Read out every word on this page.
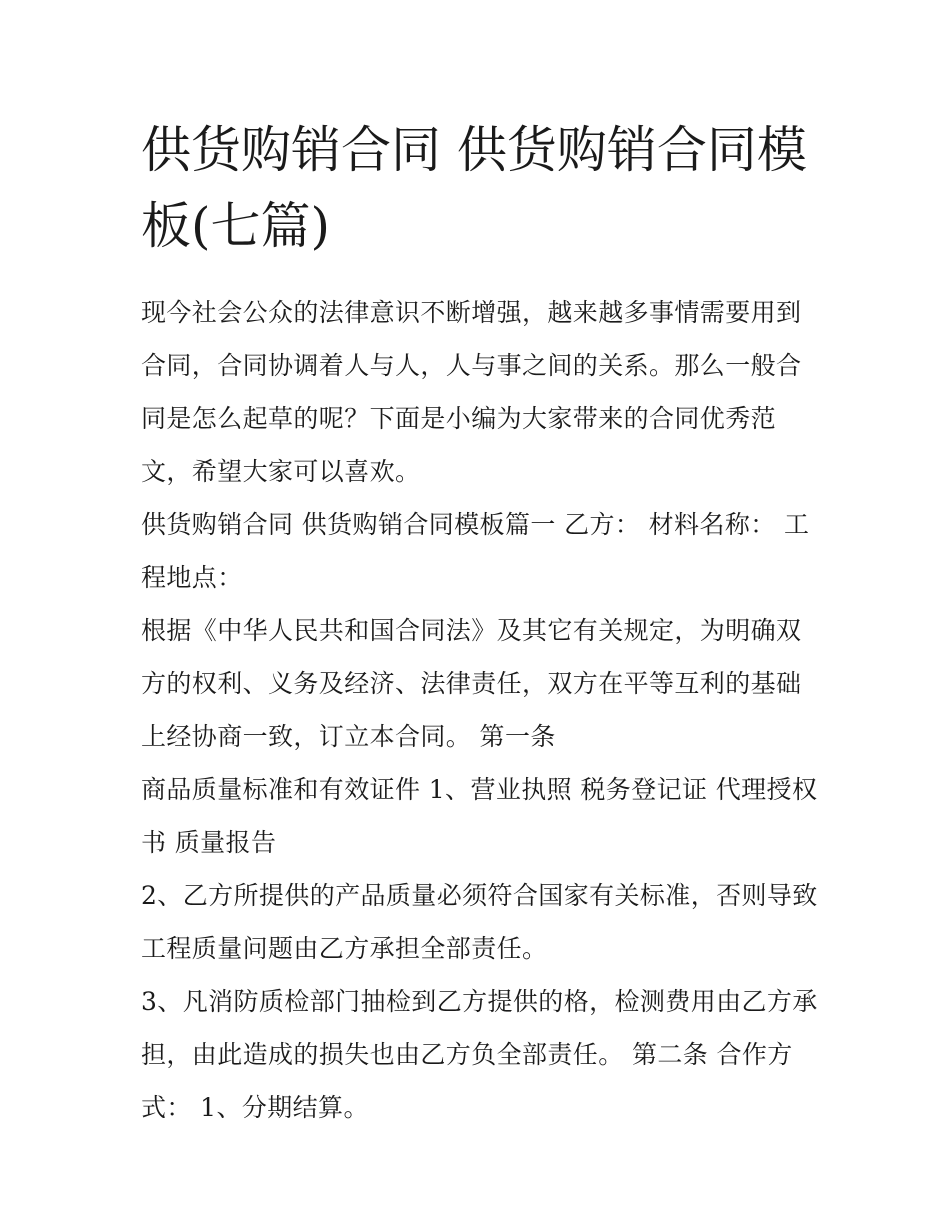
供货购销合同 供货购销合同模板(七篇)

现今社会公众的法律意识不断增强，越来越多事情需要用到合同，合同协调着人与人，人与事之间的关系。那么一般合同是怎么起草的呢？下面是小编为大家带来的合同优秀范文，希望大家可以喜欢。

供货购销合同 供货购销合同模板篇一 乙方： 材料名称： 工程地点：

根据《中华人民共和国合同法》及其它有关规定，为明确双方的权利、义务及经济、法律责任，双方在平等互利的基础上经协商一致，订立本合同。 第一条

商品质量标准和有效证件 1、营业执照 税务登记证 代理授权书 质量报告

2、乙方所提供的产品质量必须符合国家有关标准，否则导致工程质量问题由乙方承担全部责任。

3、凡消防质检部门抽检到乙方提供的格，检测费用由乙方承担，由此造成的损失也由乙方负全部责任。 第二条 合作方式： 1、分期结算。
